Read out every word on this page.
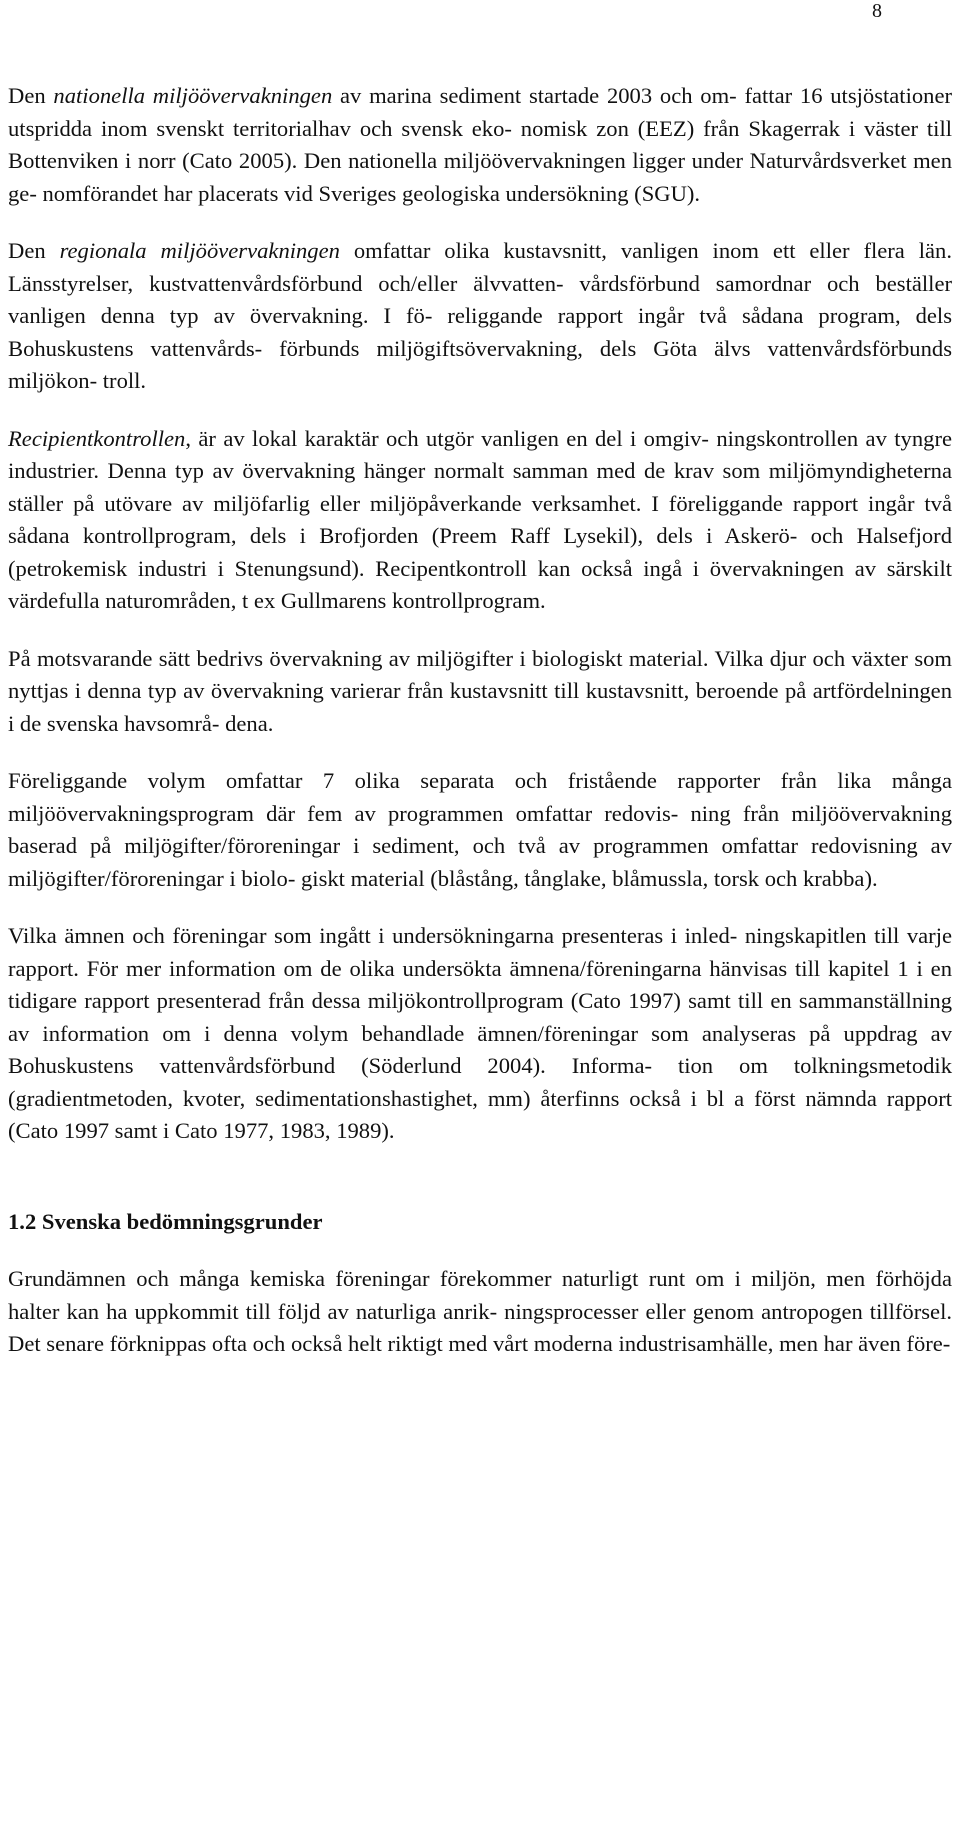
8

Den nationella miljöövervakningen av marina sediment startade 2003 och om- fattar 16 utsjöstationer utspridda inom svenskt territorialhav och svensk eko- nomisk zon (EEZ) från Skagerrak i väster till Bottenviken i norr (Cato 2005). Den nationella miljöövervakningen ligger under Naturvårdsverket men ge- nomförandet har placerats vid Sveriges geologiska undersökning (SGU).

Den regionala miljöövervakningen omfattar olika kustavsnitt, vanligen inom ett eller flera län. Länsstyrelser, kustvattenvårdsförbund och/eller älvvatten- vårdsförbund samordnar och beställer vanligen denna typ av övervakning. I fö- religgande rapport ingår två sådana program, dels Bohuskustens vattenvårds- förbunds miljögiftsövervakning, dels Göta älvs vattenvårdsförbunds miljökon- troll.

Recipientkontrollen, är av lokal karaktär och utgör vanligen en del i omgiv- ningskontrollen av tyngre industrier. Denna typ av övervakning hänger normalt samman med de krav som miljömyndigheterna ställer på utövare av miljöfarlig eller miljöpåverkande verksamhet. I föreliggande rapport ingår två sådana kontrollprogram, dels i Brofjorden (Preem Raff Lysekil), dels i Askerö- och Halsefjord (petrokemisk industri i Stenungsund). Recipentkontroll kan också ingå i övervakningen av särskilt värdefulla naturområden, t ex Gullmarens kontrollprogram.

På motsvarande sätt bedrivs övervakning av miljögifter i biologiskt material. Vilka djur och växter som nyttjas i denna typ av övervakning varierar från kustavsnitt till kustavsnitt, beroende på artfördelningen i de svenska havsområ- dena.

Föreliggande volym omfattar 7 olika separata och fristående rapporter från lika många miljöövervakningsprogram där fem av programmen omfattar redovis- ning från miljöövervakning baserad på miljögifter/föroreningar i sediment, och två av programmen omfattar redovisning av miljögifter/föroreningar i biolo- giskt material (blåstång, tånglake, blåmussla, torsk och krabba).

Vilka ämnen och föreningar som ingått i undersökningarna presenteras i inled- ningskapitlen till varje rapport. För mer information om de olika undersökta ämnena/föreningarna hänvisas till kapitel 1 i en tidigare rapport presenterad från dessa miljökontrollprogram (Cato 1997) samt till en sammanställning av information om i denna volym behandlade ämnen/föreningar som analyseras på uppdrag av Bohuskustens vattenvårdsförbund (Söderlund 2004). Informa- tion om tolkningsmetodik (gradientmetoden, kvoter, sedimentationshastighet, mm) återfinns också i bl a först nämnda rapport (Cato 1997 samt i Cato 1977, 1983, 1989).

1.2 Svenska bedömningsgrunder

Grundämnen och många kemiska föreningar förekommer naturligt runt om i miljön, men förhöjda halter kan ha uppkommit till följd av naturliga anrik- ningsprocesser eller genom antropogen tillförsel. Det senare förknippas ofta och också helt riktigt med vårt moderna industrisamhälle, men har även före-
